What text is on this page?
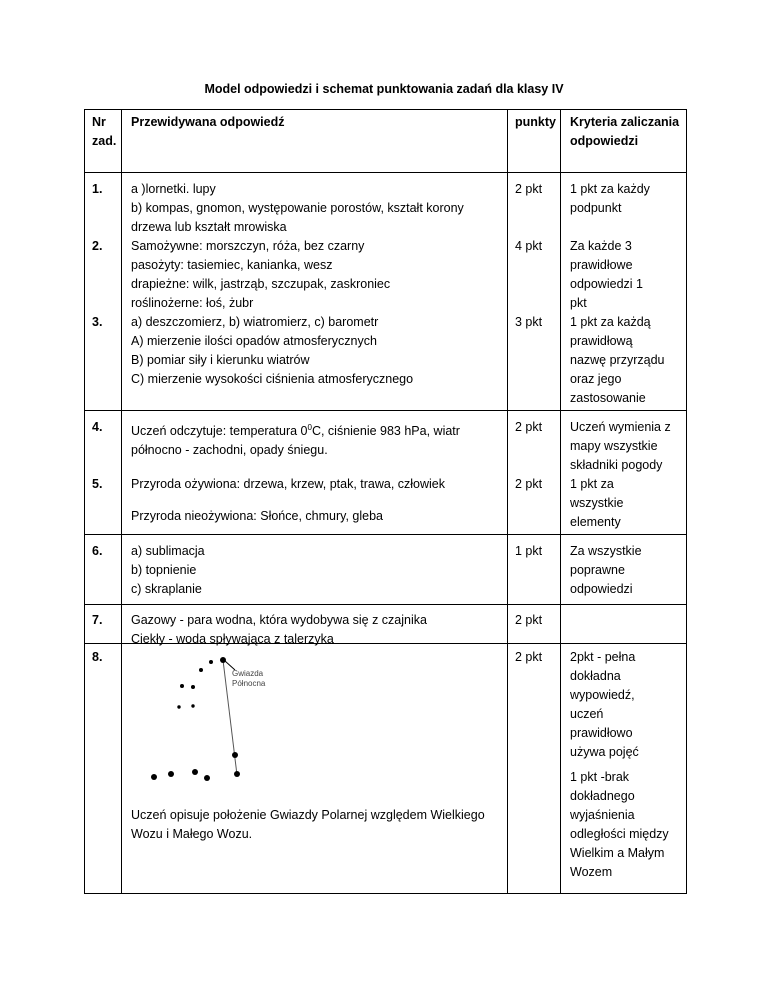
Model odpowiedzi i schemat punktowania zadań dla klasy IV
Nr zad.
Przewidywana odpowiedź	punkty Kryteria zaliczania odpowiedzi
1. a )lornetki. lupy
b) kompas, gnomon, występowanie porostów, kształt korony
drzewa lub kształt mrowiska
2 pkt 1 pkt za każdy podpunkt
2. Samożywne: morszczyn, róża, bez czarny
pasożyty: tasiemiec, kanianka, wesz
drapieżne: wilk, jastrząb, szczupak, zaskroniec
roślinożerne: łoś, żubr
4 pkt Za każde 3 prawidłowe odpowiedzi 1 pkt
3. a) deszczomierz, b) wiatromierz, c) barometr
A) mierzenie ilości opadów atmosferycznych
B) pomiar siły i kierunku wiatrów
C) mierzenie wysokości ciśnienia atmosferycznego
3 pkt 1 pkt za każdą prawidłową nazwę przyrządu oraz jego zastosowanie
4. Uczeń odczytuje: temperatura $0^0C$, ciśnienie 983 hPa, wiatr
północno - zachodni, opady śniegu.
2 pkt Uczeń wymienia z mapy wszystkie składniki pogody
5. Przyroda ożywiona: drzewa, krzew, ptak, trawa, człowiek
Przyroda nieożywiona: Słońce, chmury, gleba
2 pkt 1 pkt za wszystkie elementy
6. a) sublimacja
b) topnienie
c) skraplanie
1 pkt Za wszystkie poprawne odpowiedzi
7. Gazowy - para wodna, która wydobywa się z czajnika
Ciekły - woda spływająca z talerzyka
2 pkt
8.
Gwiazda
Północna
Uczeń opisuje położenie Gwiazdy Polarnej względem Wielkiego
Wozu i Małego Wozu.
2 pkt 2pkt - pełna dokładna wypowiedź, uczeń prawidłowo używa pojęć
1 pkt -brak dokładnego wyjaśnienia odległości między Wielkim a Małym Wozem
